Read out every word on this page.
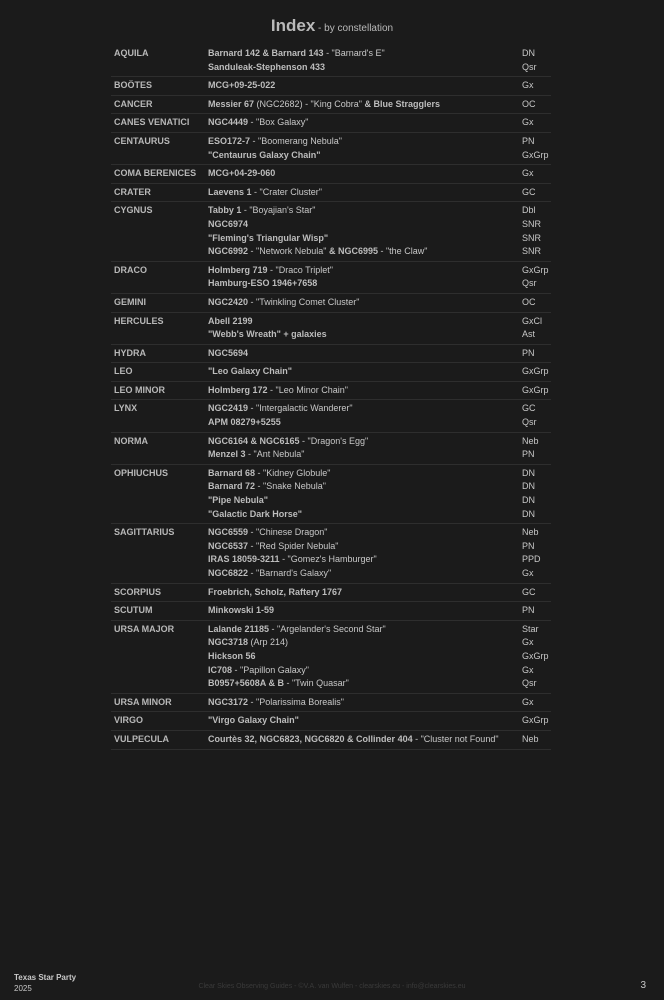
Index - by constellation
AQUILA	Barnard 142 & Barnard 143 - "Barnard's E"	DN
Sanduleak-Stephenson 433	Qsr
BOÖTES	MCG+09-25-022	Gx
CANCER	Messier 67 (NGC2682) - "King Cobra" & Blue Stragglers	OC
CANES VENATICI	NGC4449 - "Box Galaxy"	Gx
CENTAURUS	ESO172-7 - "Boomerang Nebula"	PN
"Centaurus Galaxy Chain"	GxGrp
COMA BERENICES	MCG+04-29-060	Gx
CRATER	Laevens 1 - "Crater Cluster"	GC
CYGNUS	Tabby 1 - "Boyajian's Star"	Dbl
NGC6974	SNR
"Fleming's Triangular Wisp"	SNR
NGC6992 - "Network Nebula" & NGC6995 - "the Claw"	SNR
DRACO	Holmberg 719 - "Draco Triplet"	GxGrp
Hamburg-ESO 1946+7658	Qsr
GEMINI	NGC2420 - "Twinkling Comet Cluster"	OC
HERCULES	Abell 2199	GxCl
"Webb's Wreath" + galaxies	Ast
HYDRA	NGC5694	PN
LEO	"Leo Galaxy Chain"	GxGrp
LEO MINOR	Holmberg 172 - "Leo Minor Chain"	GxGrp
LYNX	NGC2419 - "Intergalactic Wanderer"	GC
APM 08279+5255	Qsr
NORMA	NGC6164 & NGC6165 - "Dragon's Egg"	Neb
Menzel 3 - "Ant Nebula"	PN
OPHIUCHUS	Barnard 68 - "Kidney Globule"	DN
Barnard 72 - "Snake Nebula"	DN
"Pipe Nebula"	DN
"Galactic Dark Horse"	DN
SAGITTARIUS	NGC6559 - "Chinese Dragon"	Neb
NGC6537 - "Red Spider Nebula"	PN
IRAS 18059-3211 - "Gomez's Hamburger"	PPD
NGC6822 - "Barnard's Galaxy"	Gx
SCORPIUS	Froebrich, Scholz, Raftery 1767	GC
SCUTUM	Minkowski 1-59	PN
URSA MAJOR	Lalande 21185 - "Argelander's Second Star"	Star
NGC3718 (Arp 214)	Gx
Hickson 56	GxGrp
IC708 - "Papillon Galaxy"	Gx
B0957+5608A & B - "Twin Quasar"	Qsr
URSA MINOR	NGC3172 - "Polarissima Borealis"	Gx
VIRGO	"Virgo Galaxy Chain"	GxGrp
VULPECULA	Courtès 32, NGC6823, NGC6820 & Collinder 404 - "Cluster not Found"	Neb
Texas Star Party
2025	Clear Skies Observing Guides - ©V.A. van Wulfen - clearskies.eu - info@clearskies.eu	3
